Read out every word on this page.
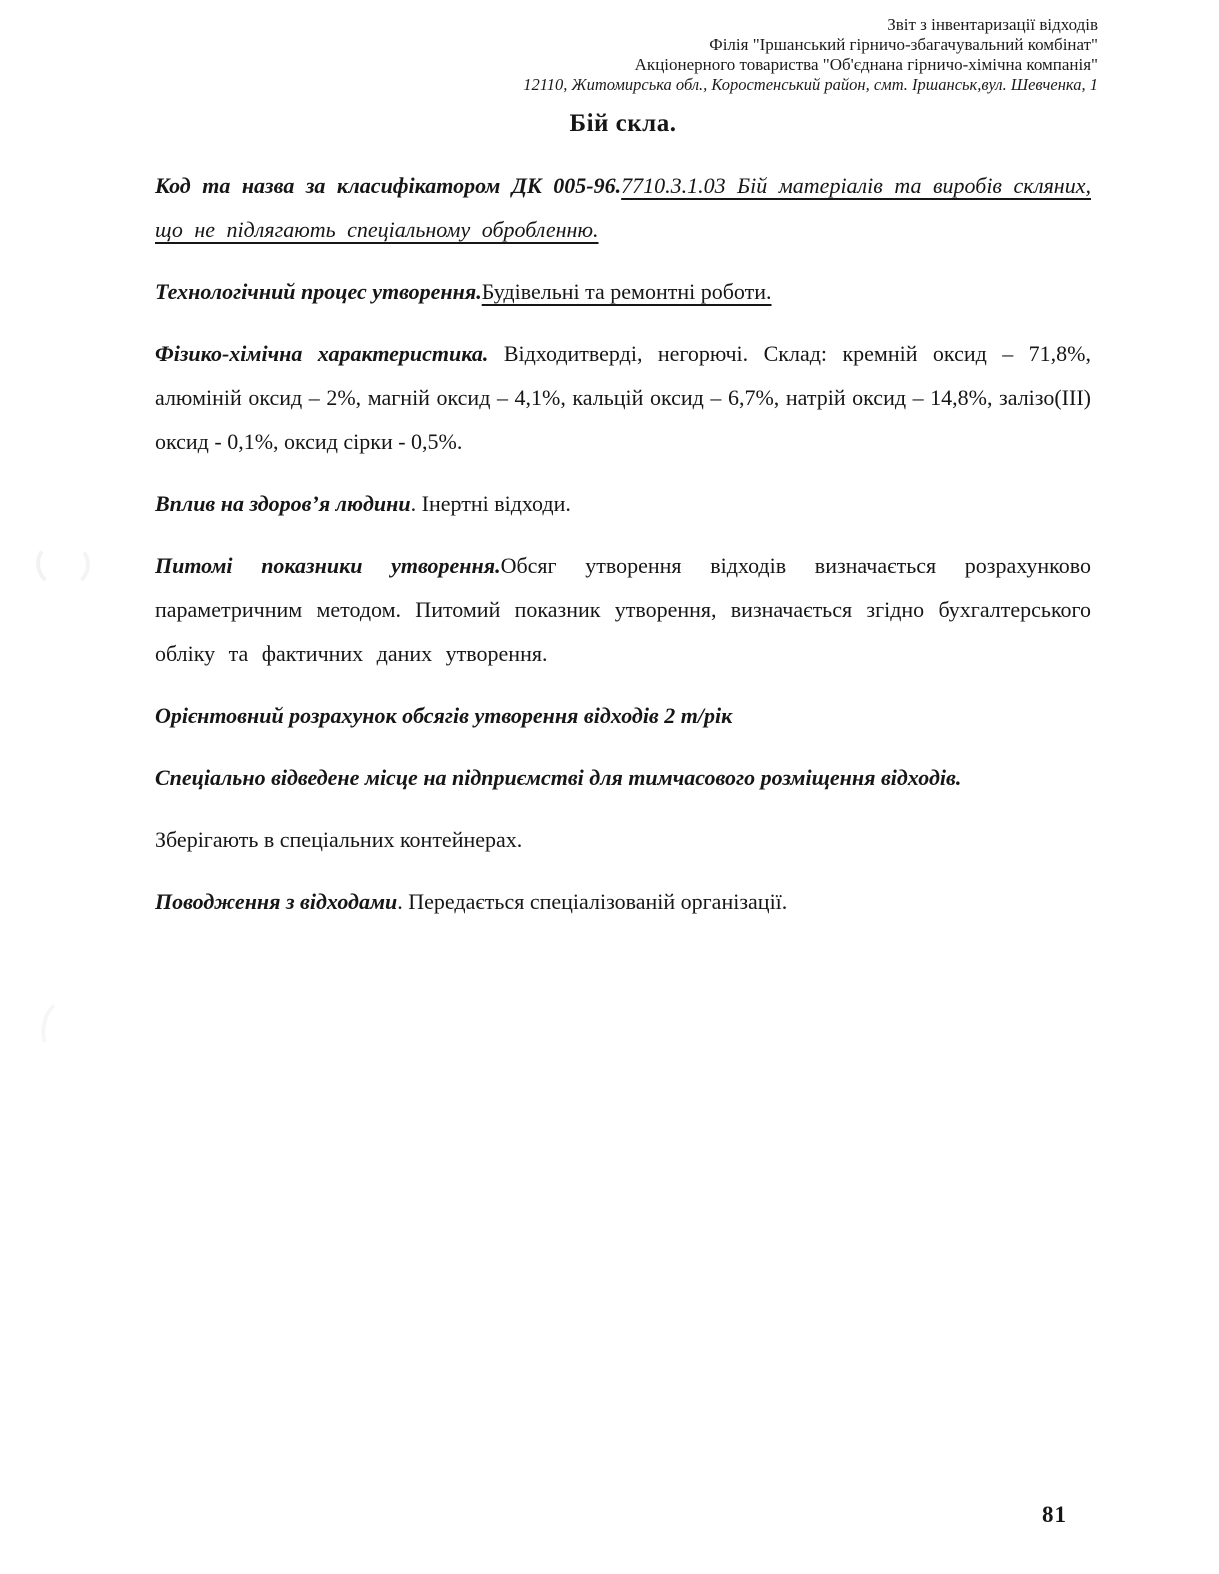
Звіт з інвентаризації відходів
Філія "Іршанський гірничо-збагачувальний комбінат"
Акціонерного товариства "Об'єднана гірничо-хімічна компанія"
12110, Житомирська обл., Коростенський район, смт. Іршанськ,вул. Шевченка, 1
Бій скла.

Код та назва за класифікатором ДК 005-96.7710.3.1.03 Бій матеріалів та виробів скляних, що не підлягають спеціальному обробленню.

Технологічний процес утворення.Будівельні та ремонтні роботи.

Фізико-хімічна характеристика. Відходитверді, негорючі. Склад: кремній оксид – 71,8%, алюміній оксид – 2%, магній оксид – 4,1%, кальцій оксид – 6,7%, натрій оксид – 14,8%, залізо(ІІІ) оксид - 0,1%, оксид сірки - 0,5%.

Вплив на здоров’я людини. Інертні відходи.

Питомі показники утворення.Обсяг утворення відходів визначається розрахунково параметричним методом. Питомий показник утворення, визначається згідно бухгалтерського обліку та фактичних даних утворення.

Орієнтовний розрахунок обсягів утворення відходів 2 т/рік

Спеціально відведене місце на підприємстві для тимчасового розміщення відходів.

Зберігають в спеціальних контейнерах.

Поводження з відходами. Передається спеціалізованій організації.

81
